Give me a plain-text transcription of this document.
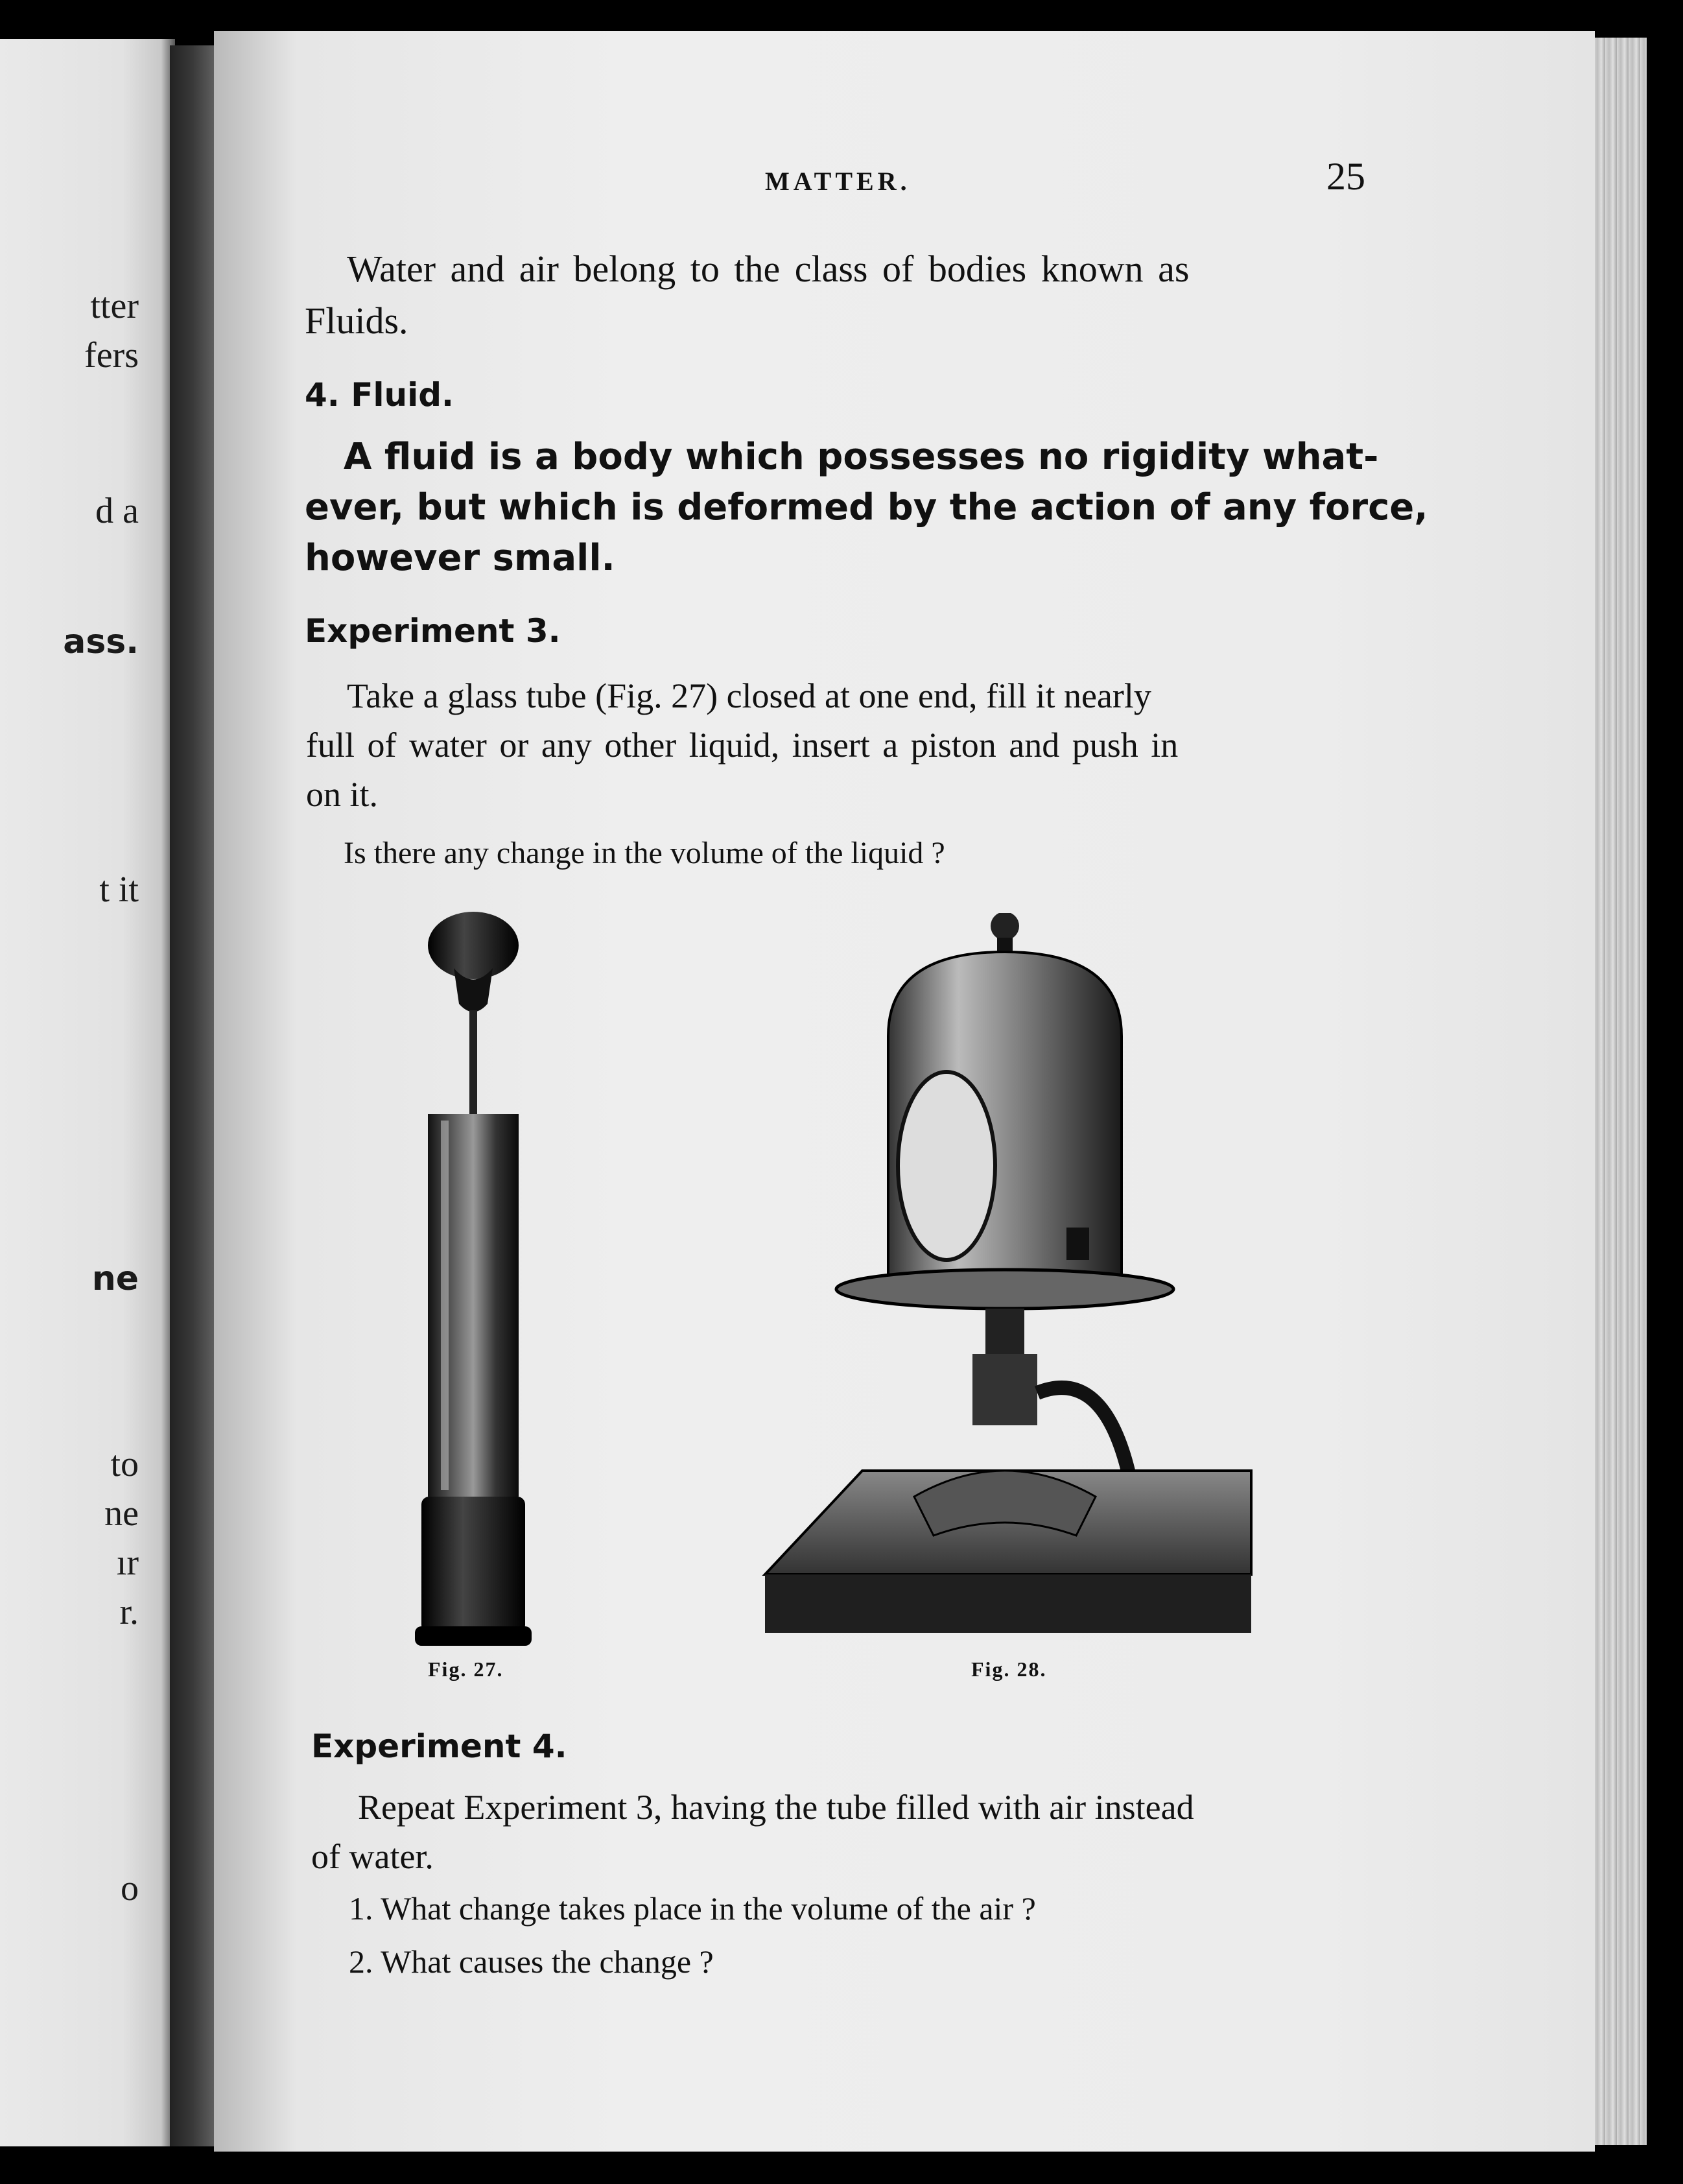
tter
fers
d a
ass.
t it
ne
to
ne
ır
r.
o
MATTER.	25
Water and air belong to the class of bodies known as
Fluids.
4. Fluid.
A fluid is a body which possesses no rigidity what-
ever, but which is deformed by the action of any force,
however small.
Experiment 3.
Take a glass tube (Fig. 27) closed at one end, fill it nearly
full of water or any other liquid, insert a piston and push in
on it.
Is there any change in the volume of the liquid ?
Fig. 27.	Fig. 28.
Experiment 4.
Repeat Experiment 3, having the tube filled with air instead
of water.
1. What change takes place in the volume of the air ?
2. What causes the change ?
